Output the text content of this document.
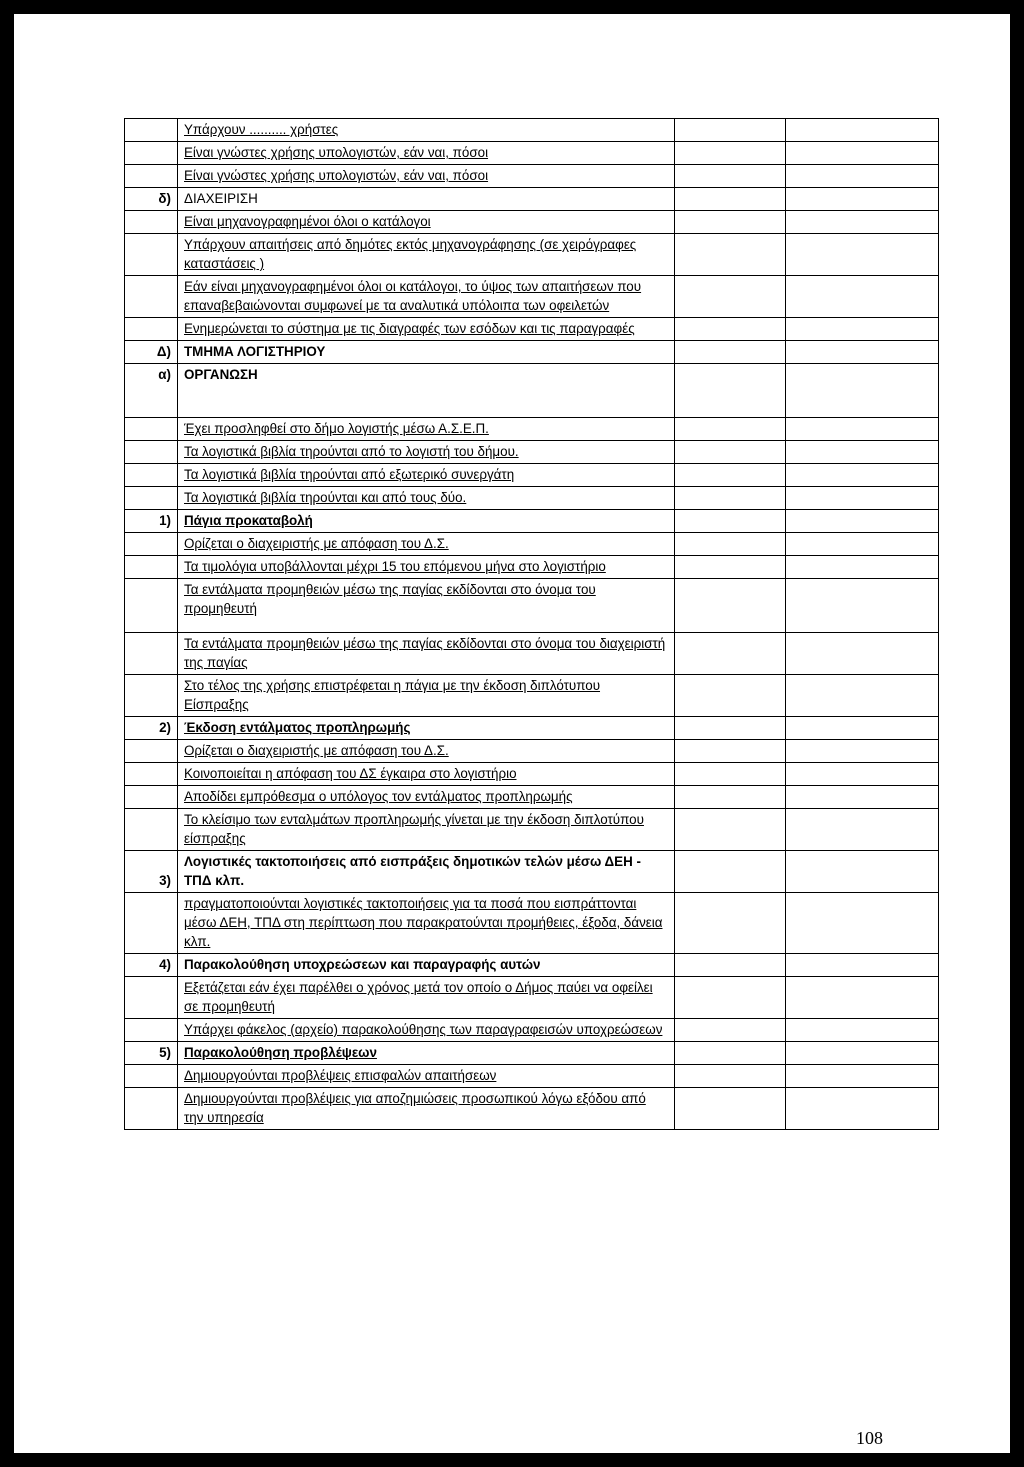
	Υπάρχουν .......... χρήστες		
	Είναι γνώστες χρήσης υπολογιστών, εάν ναι, πόσοι		
	Είναι γνώστες χρήσης υπολογιστών, εάν ναι, πόσοι		
δ)	ΔΙΑΧΕΙΡΙΣΗ		
	Είναι μηχανογραφημένοι όλοι ο κατάλογοι		
	Υπάρχουν απαιτήσεις από δημότες εκτός μηχανογράφησης (σε χειρόγραφες καταστάσεις )		
	Εάν είναι μηχανογραφημένοι όλοι οι κατάλογοι, το ύψος των απαιτήσεων που επαναβεβαιώνονται συμφωνεί με τα αναλυτικά υπόλοιπα των οφειλετών		
	Ενημερώνεται το σύστημα με τις διαγραφές των εσόδων και τις παραγραφές		
Δ)	ΤΜΗΜΑ ΛΟΓΙΣΤΗΡΙΟΥ		
α)	ΟΡΓΑΝΩΣΗ		
	Έχει προσληφθεί στο δήμο λογιστής μέσω Α.Σ.Ε.Π.		
	Τα λογιστικά βιβλία τηρούνται από το λογιστή του δήμου.		
	Τα λογιστικά βιβλία τηρούνται από εξωτερικό συνεργάτη		
	Τα λογιστικά βιβλία τηρούνται και από τους δύο.		
1)	Πάγια προκαταβολή		
	Ορίζεται ο διαχειριστής με απόφαση του Δ.Σ.		
	Τα τιμολόγια υποβάλλονται μέχρι 15 του επόμενου μήνα στο λογιστήριο		
	Τα εντάλματα προμηθειών μέσω της παγίας εκδίδονται στο όνομα του προμηθευτή		
	Τα εντάλματα προμηθειών μέσω της παγίας εκδίδονται στο όνομα του διαχειριστή της παγίας		
	Στο τέλος της χρήσης επιστρέφεται η πάγια με την έκδοση διπλότυπου Είσπραξης		
2)	Έκδοση εντάλματος προπληρωμής		
	Ορίζεται ο διαχειριστής με απόφαση του Δ.Σ.		
	Κοινοποιείται η απόφαση του ΔΣ έγκαιρα στο λογιστήριο		
	Αποδίδει εμπρόθεσμα ο υπόλογος τον εντάλματος προπληρωμής		
	Το κλείσιμο των ενταλμάτων προπληρωμής γίνεται με την έκδοση διπλοτύπου είσπραξης		
3)	Λογιστικές τακτοποιήσεις από εισπράξεις δημοτικών τελών μέσω ΔΕΗ - ΤΠΔ κλπ.		
	πραγματοποιούνται λογιστικές τακτοποιήσεις για τα ποσά που εισπράττονται μέσω ΔΕΗ, ΤΠΔ στη περίπτωση που παρακρατούνται προμήθειες, έξοδα, δάνεια κλπ.		
4)	Παρακολούθηση υποχρεώσεων και παραγραφής αυτών		
	Εξετάζεται εάν έχει παρέλθει ο χρόνος μετά τον οποίο ο Δήμος παύει να οφείλει σε προμηθευτή		
	Υπάρχει φάκελος (αρχείο) παρακολούθησης των παραγραφεισών υποχρεώσεων		
5)	Παρακολούθηση προβλέψεων		
	Δημιουργούνται προβλέψεις επισφαλών απαιτήσεων		
	Δημιουργούνται προβλέψεις για αποζημιώσεις προσωπικού λόγω εξόδου από την υπηρεσία		
108
